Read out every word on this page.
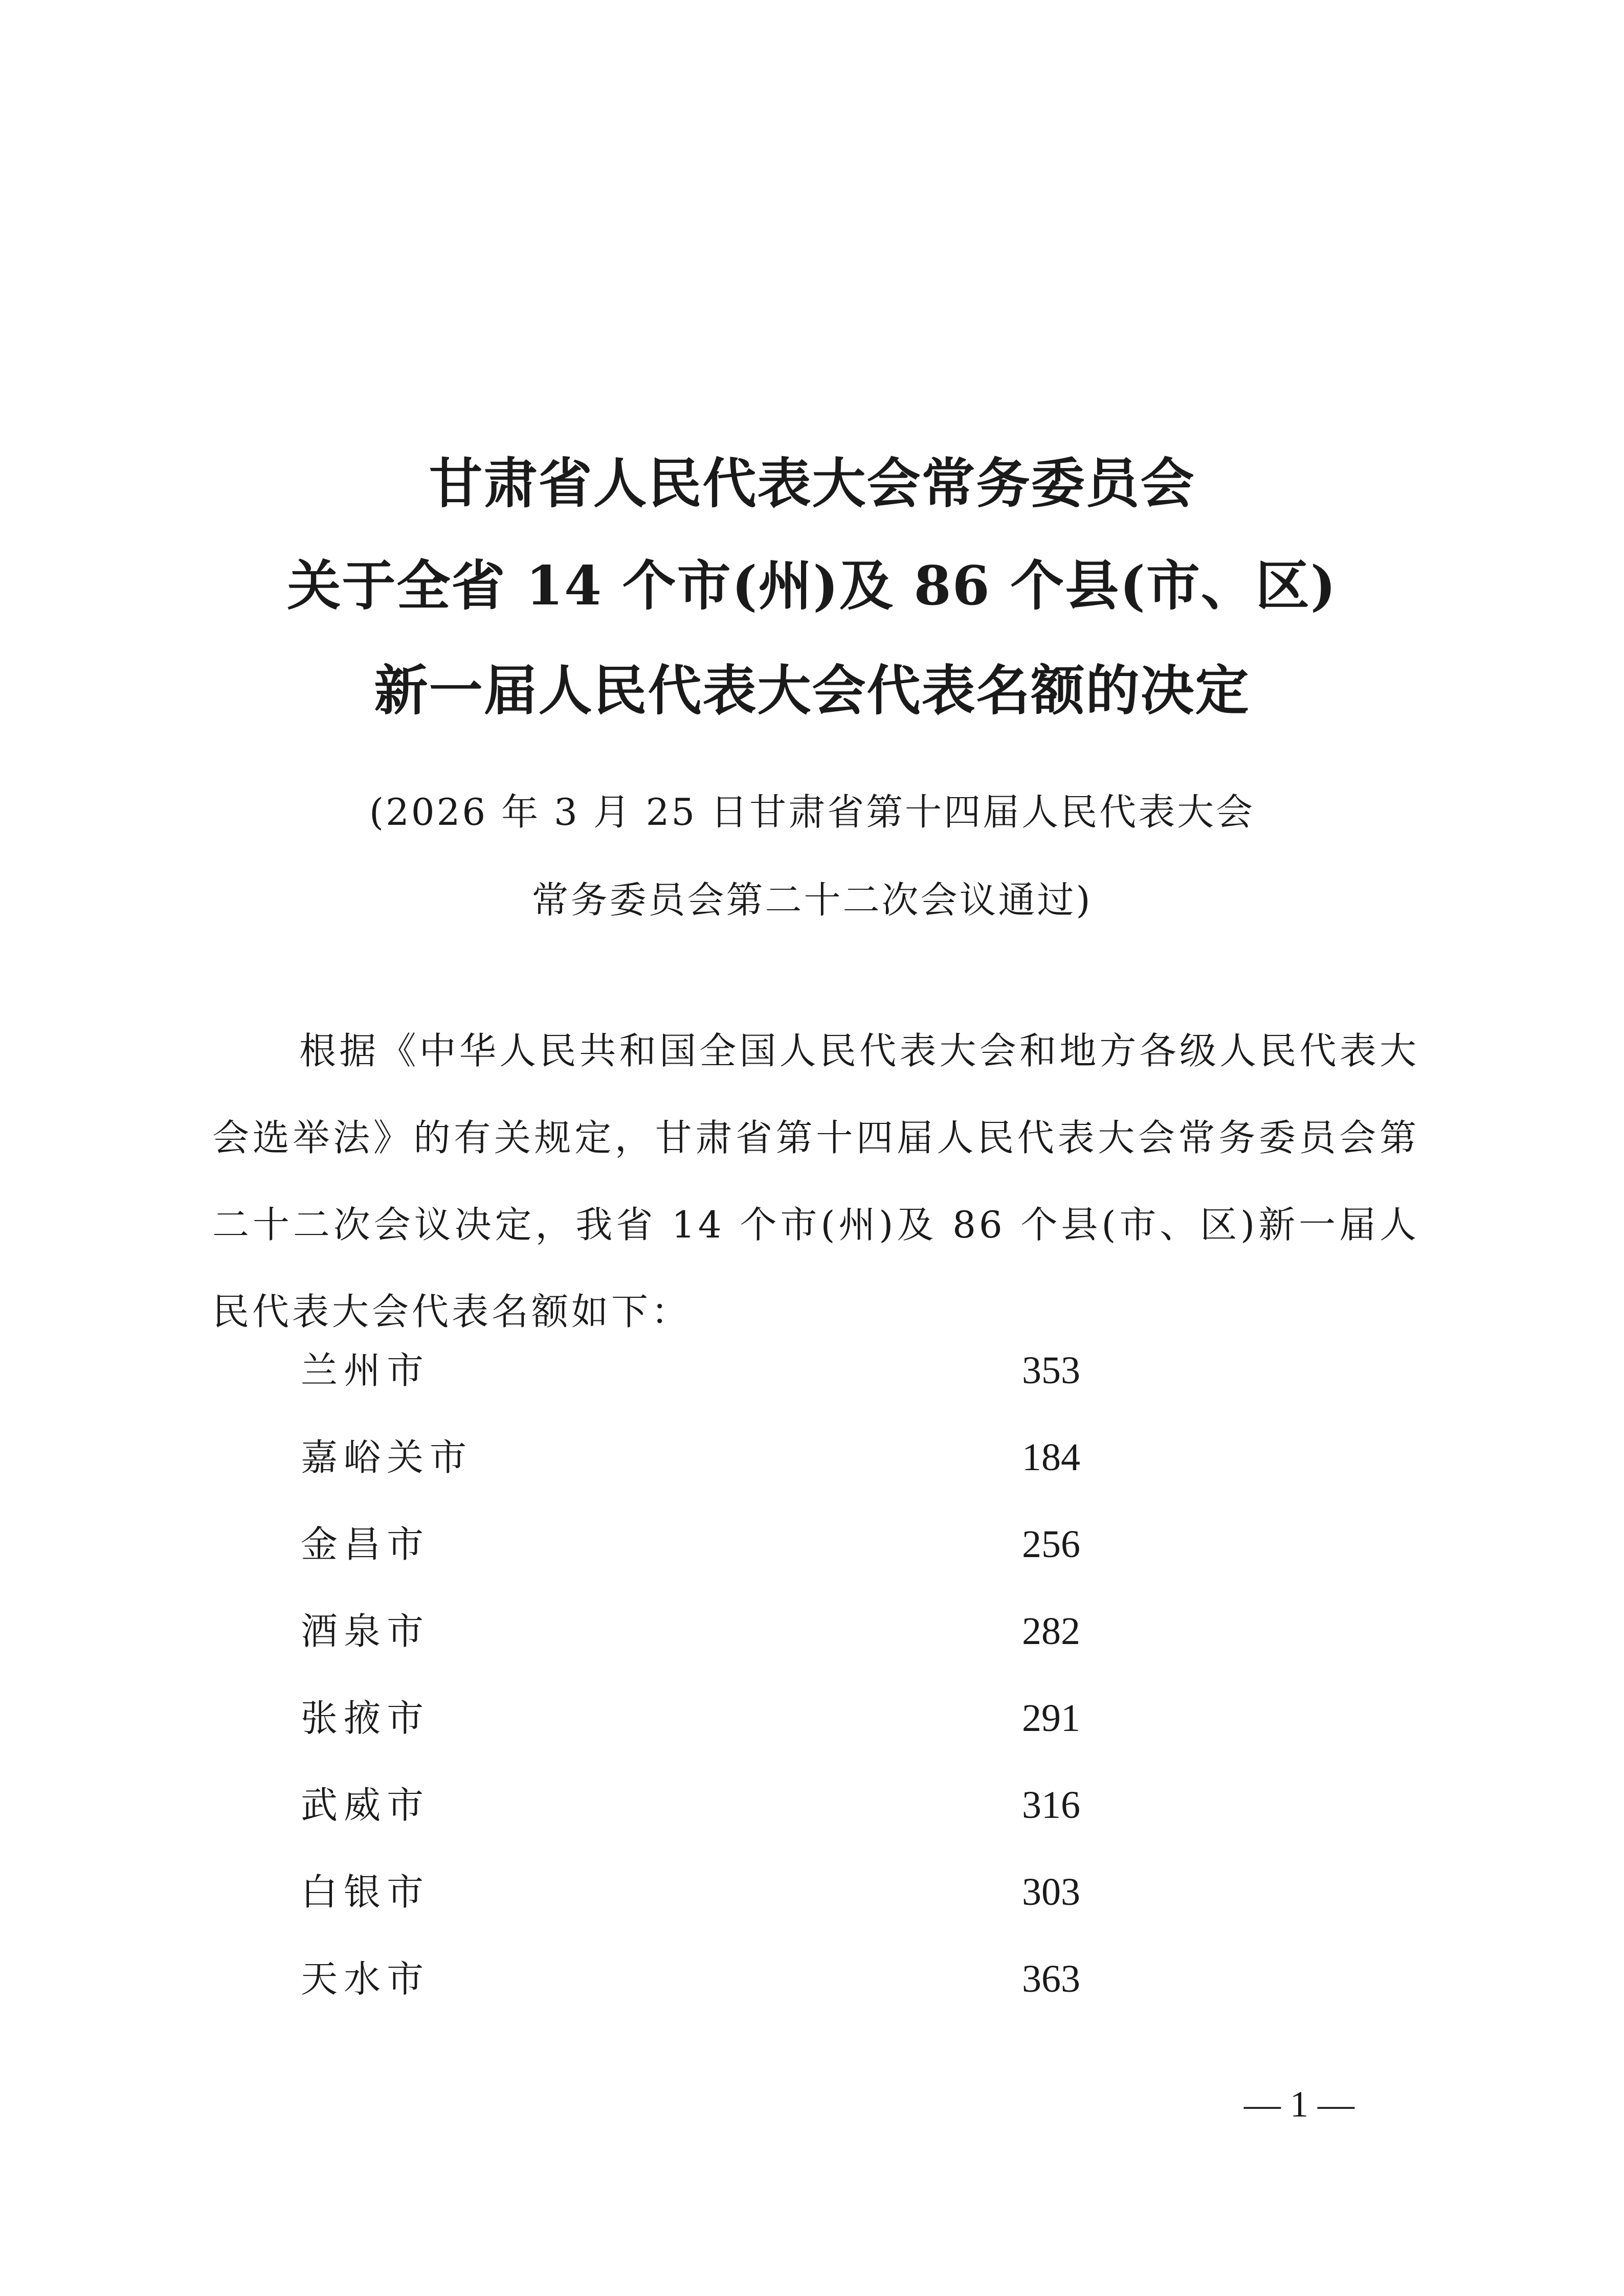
甘肃省人民代表大会常务委员会
关于全省 14 个市(州)及 86 个县(市、区)
新一届人民代表大会代表名额的决定
(2026 年 3 月 25 日甘肃省第十四届人民代表大会
常务委员会第二十二次会议通过)

根据《中华人民共和国全国人民代表大会和地方各级人民代表大会选举法》的有关规定，甘肃省第十四届人民代表大会常务委员会第二十二次会议决定，我省 14 个市(州)及 86 个县(市、区)新一届人民代表大会代表名额如下：

兰州市	353
嘉峪关市	184
金昌市	256
酒泉市	282
张掖市	291
武威市	316
白银市	303
天水市	363
— 1 —
